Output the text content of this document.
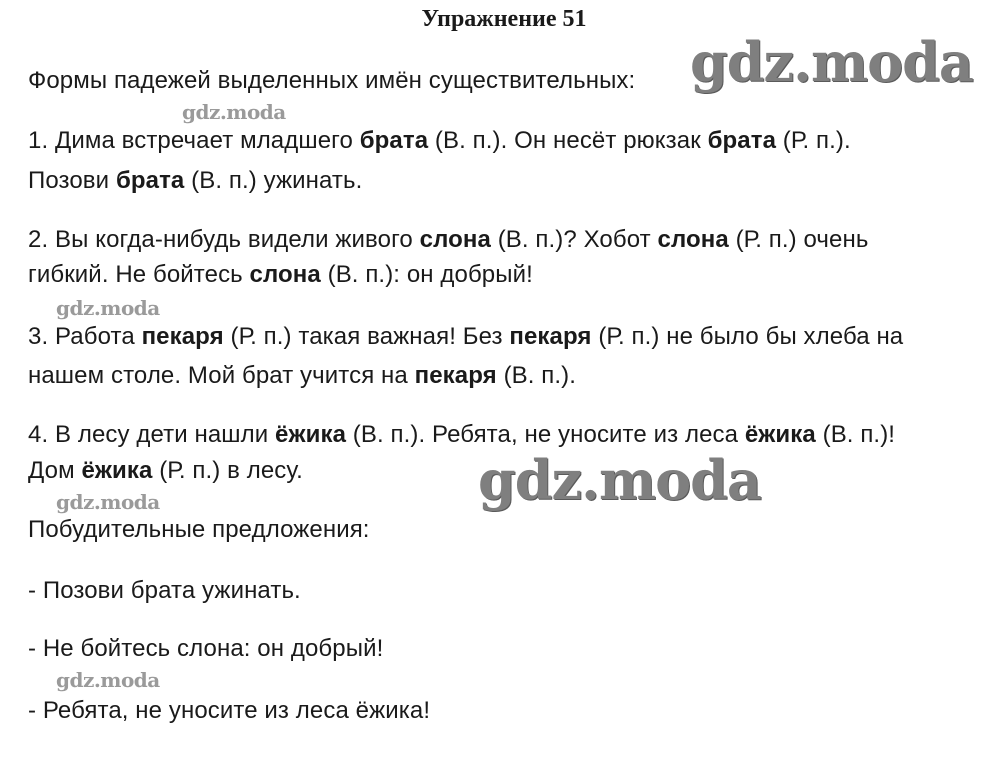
Упражнение 51
Формы падежей выделенных имён существительных:
1. Дима встречает младшего брата (В. п.). Он несёт рюкзак брата (Р. п.).
Позови брата (В. п.) ужинать.
2. Вы когда-нибудь видели живого слона (В. п.)? Хобот слона (Р. п.) очень
гибкий. Не бойтесь слона (В. п.): он добрый!
3. Работа пекаря (Р. п.) такая важная! Без пекаря (Р. п.) не было бы хлеба на
нашем столе. Мой брат учится на пекаря (В. п.).
4. В лесу дети нашли ёжика (В. п.). Ребята, не уносите из леса ёжика (В. п.)!
Дом ёжика (Р. п.) в лесу.
Побудительные предложения:
- Позови брата ужинать.
- Не бойтесь слона: он добрый!
- Ребята, не уносите из леса ёжика!
gdz.moda
gdz.moda
gdz.moda
gdz.moda
gdz.moda
gdz.moda
